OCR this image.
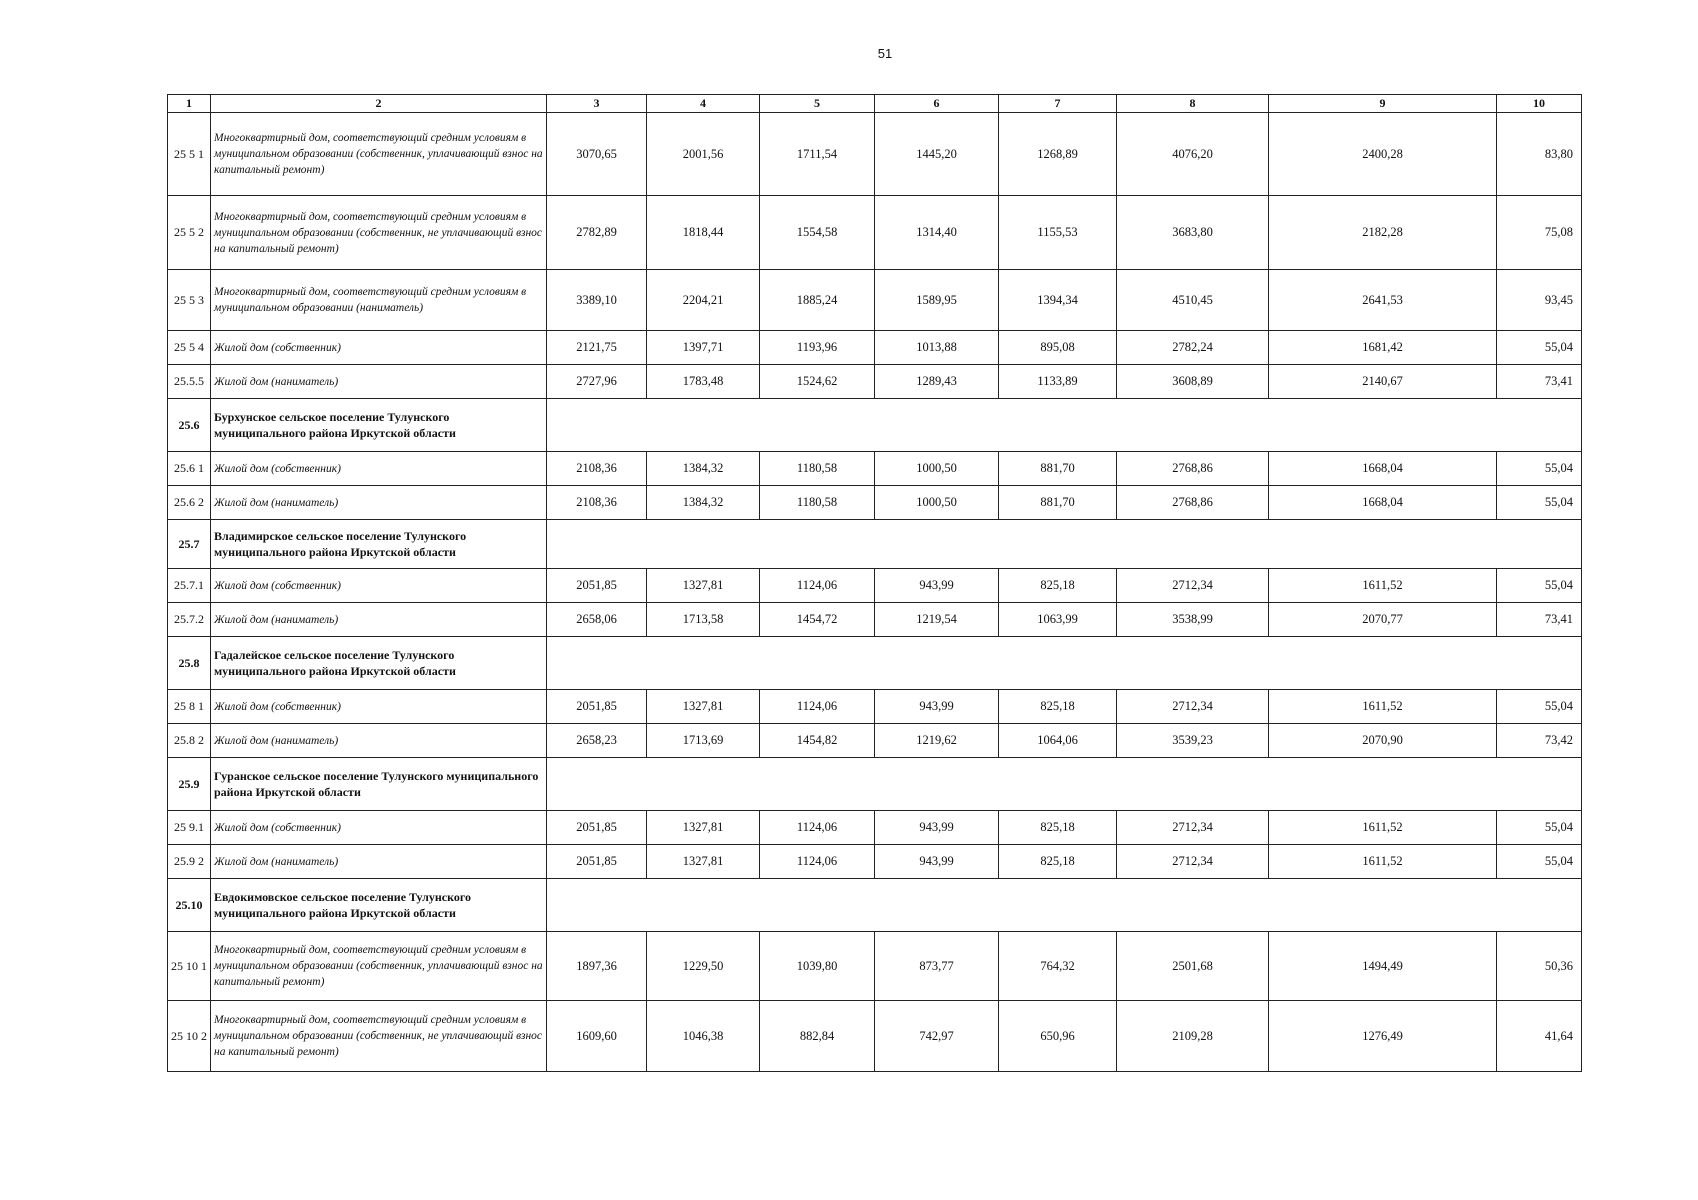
51
1	2	3	4	5	6	7	8	9	10
25 5 1	Многоквартирный дом, соответствующий средним условиям в муниципальном образовании (собственник, уплачивающий взнос на капитальный ремонт)	3070,65	2001,56	1711,54	1445,20	1268,89	4076,20	2400,28	83,80
25 5 2	Многоквартирный дом, соответствующий средним условиям в муниципальном образовании (собственник, не уплачивающий взнос на капитальный ремонт)	2782,89	1818,44	1554,58	1314,40	1155,53	3683,80	2182,28	75,08
25 5 3	Многоквартирный дом, соответствующий средним условиям в муниципальном образовании (наниматель)	3389,10	2204,21	1885,24	1589,95	1394,34	4510,45	2641,53	93,45
25 5 4	Жилой дом (собственник)	2121,75	1397,71	1193,96	1013,88	895,08	2782,24	1681,42	55,04
25.5.5	Жилой дом (наниматель)	2727,96	1783,48	1524,62	1289,43	1133,89	3608,89	2140,67	73,41
25.6	Бурхунское сельское поселение Тулунского муниципального района Иркутской области								
25.6 1	Жилой дом (собственник)	2108,36	1384,32	1180,58	1000,50	881,70	2768,86	1668,04	55,04
25.6 2	Жилой дом (наниматель)	2108,36	1384,32	1180,58	1000,50	881,70	2768,86	1668,04	55,04
25.7	Владимирское сельское поселение Тулунского муниципального района Иркутской области								
25.7.1	Жилой дом (собственник)	2051,85	1327,81	1124,06	943,99	825,18	2712,34	1611,52	55,04
25.7.2	Жилой дом (наниматель)	2658,06	1713,58	1454,72	1219,54	1063,99	3538,99	2070,77	73,41
25.8	Гадалейское сельское поселение Тулунского муниципального района Иркутской области								
25 8 1	Жилой дом (собственник)	2051,85	1327,81	1124,06	943,99	825,18	2712,34	1611,52	55,04
25.8 2	Жилой дом (наниматель)	2658,23	1713,69	1454,82	1219,62	1064,06	3539,23	2070,90	73,42
25.9	Гуранское сельское поселение Тулунского муниципального района Иркутской области								
25 9.1	Жилой дом (собственник)	2051,85	1327,81	1124,06	943,99	825,18	2712,34	1611,52	55,04
25.9 2	Жилой дом (наниматель)	2051,85	1327,81	1124,06	943,99	825,18	2712,34	1611,52	55,04
25.10	Евдокимовское сельское поселение Тулунского муниципального района Иркутской области								
25 10 1	Многоквартирный дом, соответствующий средним условиям в муниципальном образовании (собственник, уплачивающий взнос на капитальный ремонт)	1897,36	1229,50	1039,80	873,77	764,32	2501,68	1494,49	50,36
25 10 2	Многоквартирный дом, соответствующий средним условиям в муниципальном образовании (собственник, не уплачивающий взнос на капитальный ремонт)	1609,60	1046,38	882,84	742,97	650,96	2109,28	1276,49	41,64
